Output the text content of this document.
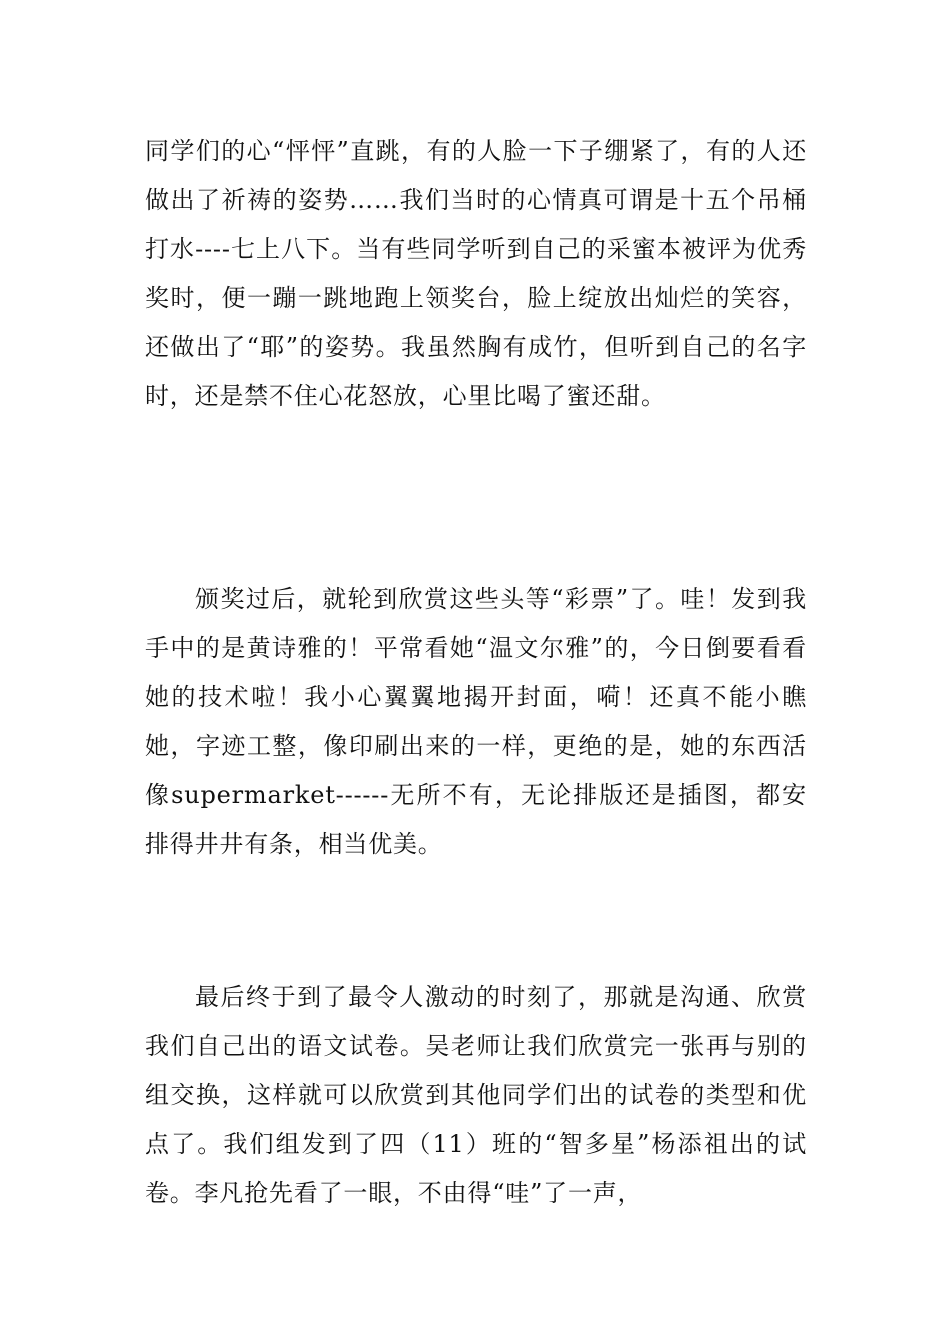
同学们的心“怦怦”直跳，有的人脸一下子绷紧了，有的人还做出了祈祷的姿势……我们当时的心情真可谓是十五个吊桶打水----七上八下。当有些同学听到自己的采蜜本被评为优秀奖时，便一蹦一跳地跑上领奖台，脸上绽放出灿烂的笑容，还做出了“耶”的姿势。我虽然胸有成竹，但听到自己的名字时，还是禁不住心花怒放，心里比喝了蜜还甜。

颁奖过后，就轮到欣赏这些头等“彩票”了。哇！发到我手中的是黄诗雅的！平常看她“温文尔雅”的，今日倒要看看她的技术啦！我小心翼翼地揭开封面，嗬！还真不能小瞧她，字迹工整，像印刷出来的一样，更绝的是，她的东西活像supermarket------无所不有，无论排版还是插图，都安排得井井有条，相当优美。

最后终于到了最令人激动的时刻了，那就是沟通、欣赏我们自己出的语文试卷。吴老师让我们欣赏完一张再与别的组交换，这样就可以欣赏到其他同学们出的试卷的类型和优点了。我们组发到了四（11）班的“智多星”杨添祖出的试卷。李凡抢先看了一眼，不由得“哇”了一声，
